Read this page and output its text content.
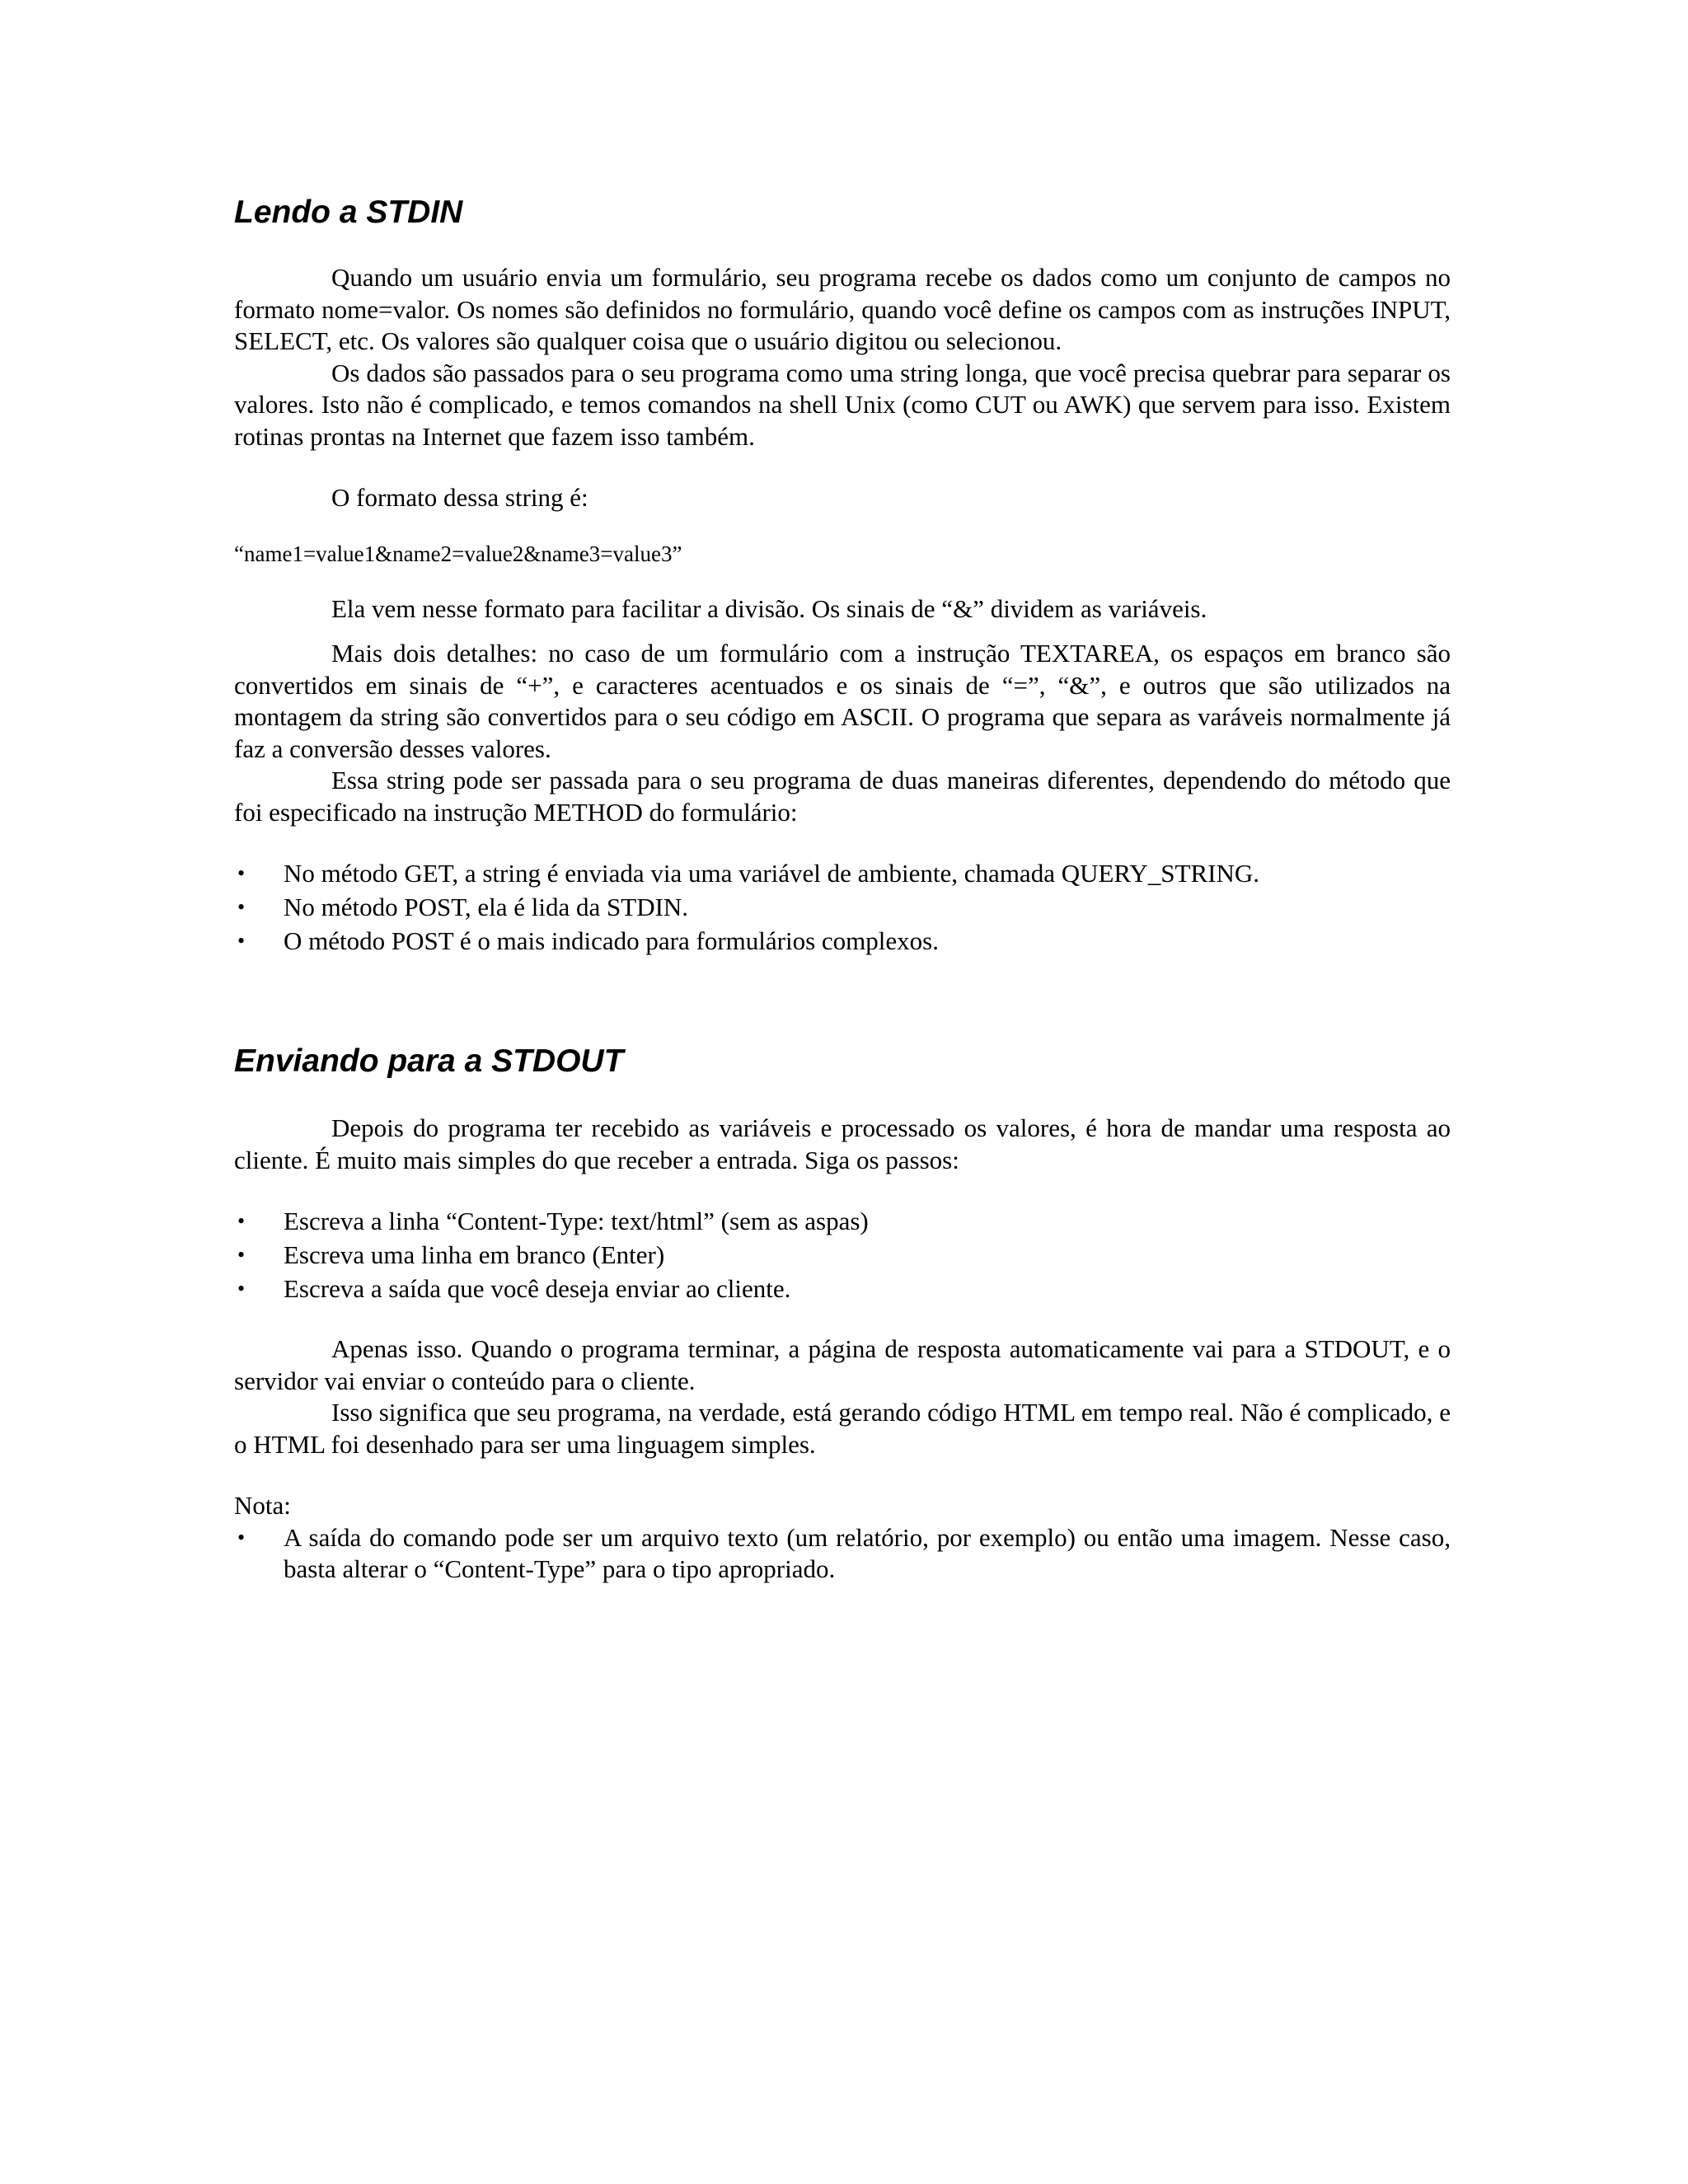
Lendo a STDIN

Quando um usuário envia um formulário, seu programa recebe os dados como um conjunto de campos no formato nome=valor. Os nomes são definidos no formulário, quando você define os campos com as instruções INPUT, SELECT, etc. Os valores são qualquer coisa que o usuário digitou ou selecionou.

Os dados são passados para o seu programa como uma string longa, que você precisa quebrar para separar os valores. Isto não é complicado, e temos comandos na shell Unix (como CUT ou AWK) que servem para isso. Existem rotinas prontas na Internet que fazem isso também.

O formato dessa string é:

“name1=value1&name2=value2&name3=value3”

Ela vem nesse formato para facilitar a divisão. Os sinais de “&” dividem as variáveis.

Mais dois detalhes: no caso de um formulário com a instrução TEXTAREA, os espaços em branco são convertidos em sinais de “+”, e caracteres acentuados e os sinais de “=”, “&”, e outros que são utilizados na montagem da string são convertidos para o seu código em ASCII. O programa que separa as varáveis normalmente já faz a conversão desses valores.

Essa string pode ser passada para o seu programa de duas maneiras diferentes, dependendo do método que foi especificado na instrução METHOD do formulário:

• No método GET, a string é enviada via uma variável de ambiente, chamada QUERY_STRING.
• No método POST, ela é lida da STDIN.
• O método POST é o mais indicado para formulários complexos.
Enviando para a STDOUT

Depois do programa ter recebido as variáveis e processado os valores, é hora de mandar uma resposta ao cliente. É muito mais simples do que receber a entrada. Siga os passos:

• Escreva a linha “Content-Type: text/html” (sem as aspas)
• Escreva uma linha em branco (Enter)
• Escreva a saída que você deseja enviar ao cliente.

Apenas isso. Quando o programa terminar, a página de resposta automaticamente vai para a STDOUT, e o servidor vai enviar o conteúdo para o cliente.

Isso significa que seu programa, na verdade, está gerando código HTML em tempo real. Não é complicado, e o HTML foi desenhado para ser uma linguagem simples.

Nota:

• A saída do comando pode ser um arquivo texto (um relatório, por exemplo) ou então uma imagem. Nesse caso, basta alterar o “Content-Type” para o tipo apropriado.
